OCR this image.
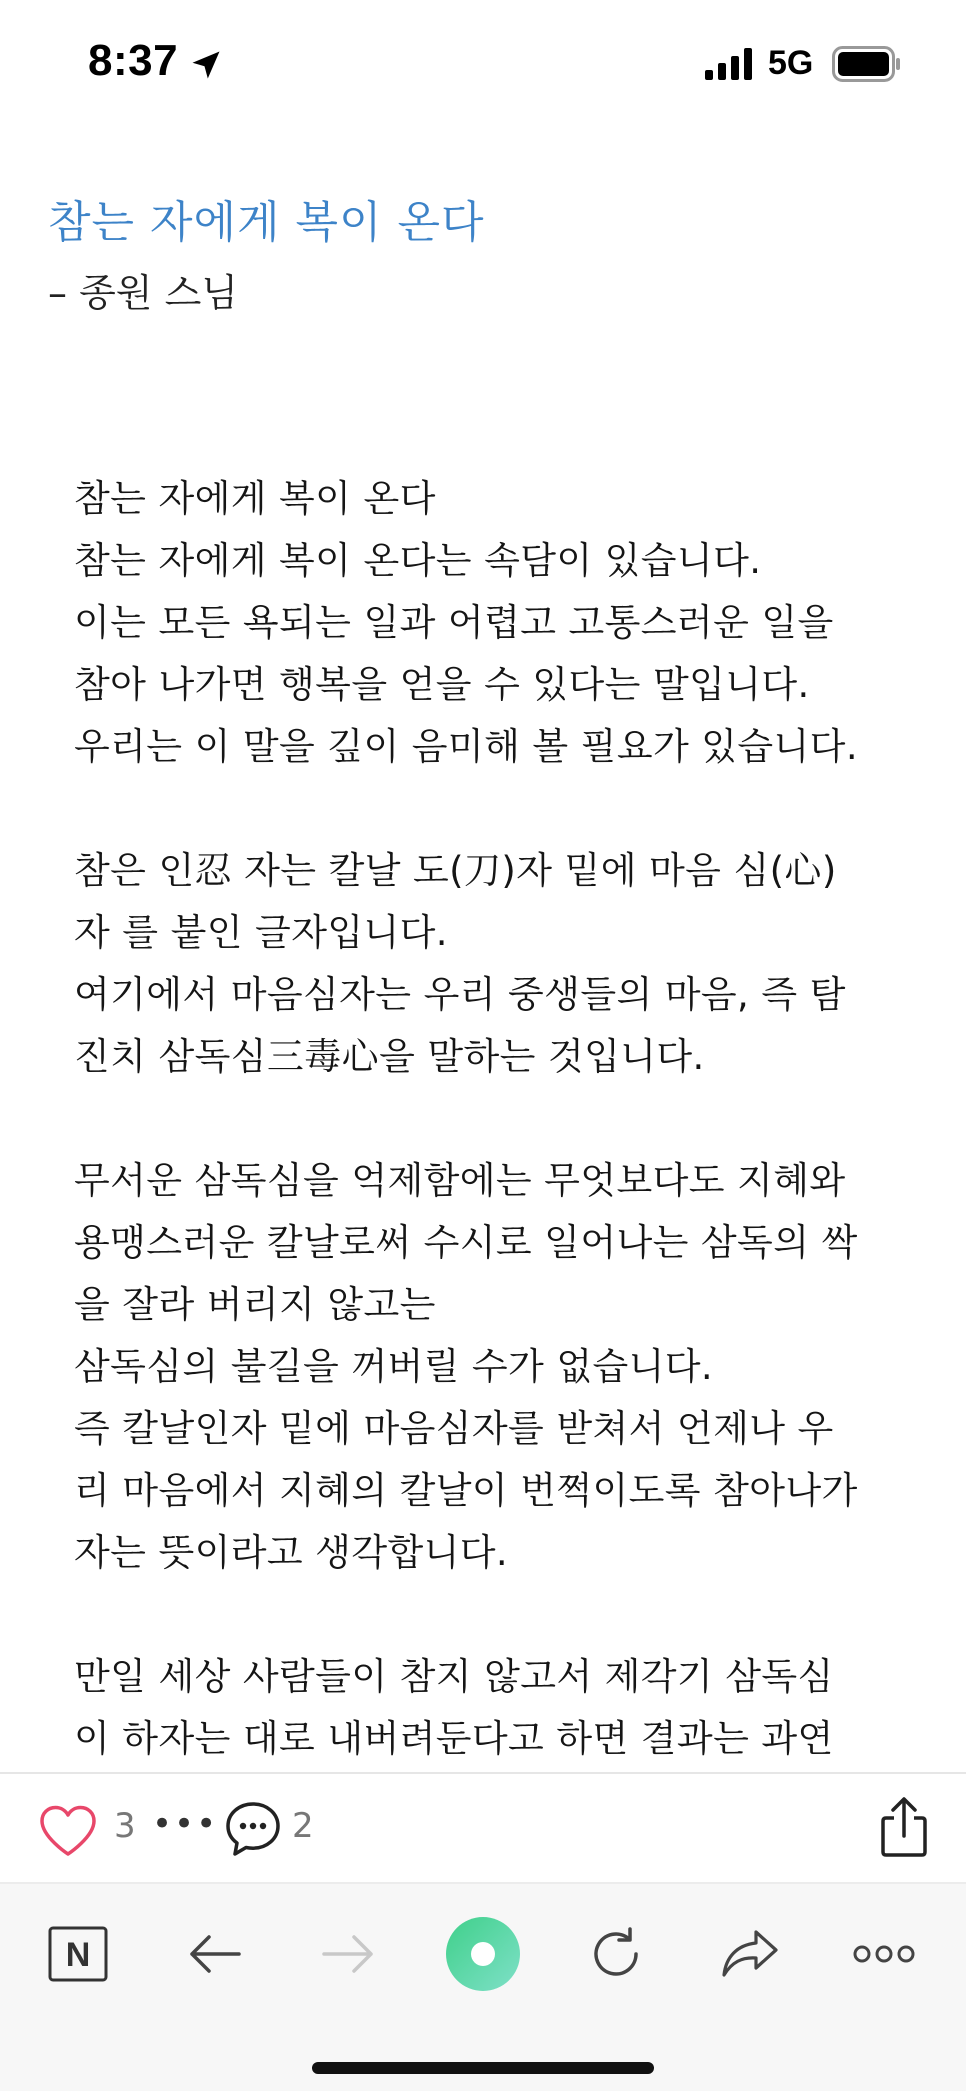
8:37	5G
참는 자에게 복이 온다
– 종원 스님
참는 자에게 복이 온다
참는 자에게 복이 온다는 속담이 있습니다.
이는 모든 욕되는 일과 어렵고 고통스러운 일을
참아 나가면 행복을 얻을 수 있다는 말입니다.
우리는 이 말을 깊이 음미해 볼 필요가 있습니다.
참은 인忍 자는 칼날 도(刀)자 밑에 마음 심(心)
자 를 붙인 글자입니다.
여기에서 마음심자는 우리 중생들의 마음, 즉 탐
진치 삼독심三毒心을 말하는 것입니다.
무서운 삼독심을 억제함에는 무엇보다도 지혜와
용맹스러운 칼날로써 수시로 일어나는 삼독의 싹
을 잘라 버리지 않고는
삼독심의 불길을 꺼버릴 수가 없습니다.
즉 칼날인자 밑에 마음심자를 받쳐서 언제나 우
리 마음에서 지혜의 칼날이 번쩍이도록 참아나가
자는 뜻이라고 생각합니다.
만일 세상 사람들이 참지 않고서 제각기 삼독심
이 하자는 대로 내버려둔다고 하면 결과는 과연
3 ••• 2
N
